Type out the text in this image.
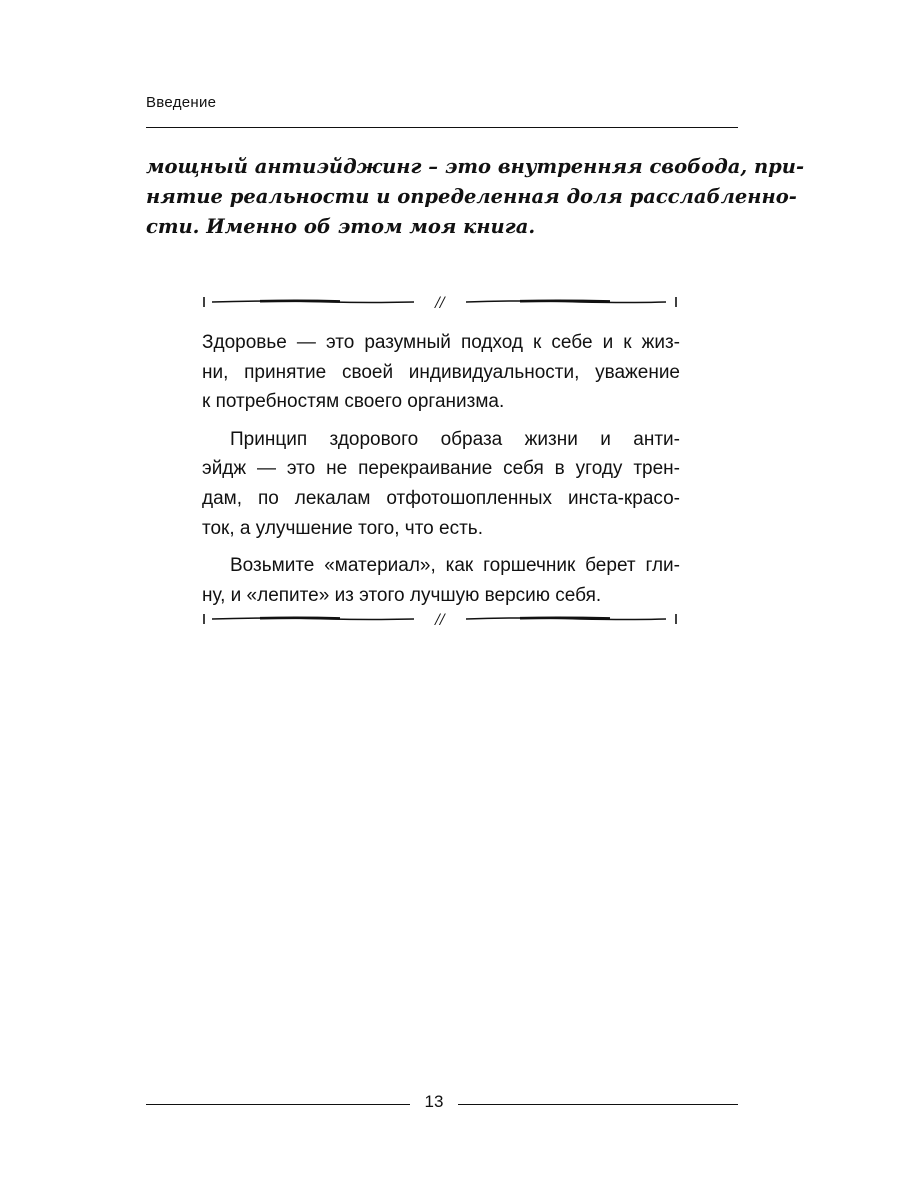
Введение

мощный антиэйджинг – это внутренняя свобода, при-
нятие реальности и определенная доля расслабленно-
сти. Именно об этом моя книга.

//
Здоровье — это разумный подход к себе и к жиз-
ни, принятие своей индивидуальности, уважение
к потребностям своего организма.
Принцип здорового образа жизни и анти-
эйдж — это не перекраивание себя в угоду трен-
дам, по лекалам отфотошопленных инста-красо-
ток, а улучшение того, что есть.
Возьмите «материал», как горшечник берет гли-
ну, и «лепите» из этого лучшую версию себя.
//
13
